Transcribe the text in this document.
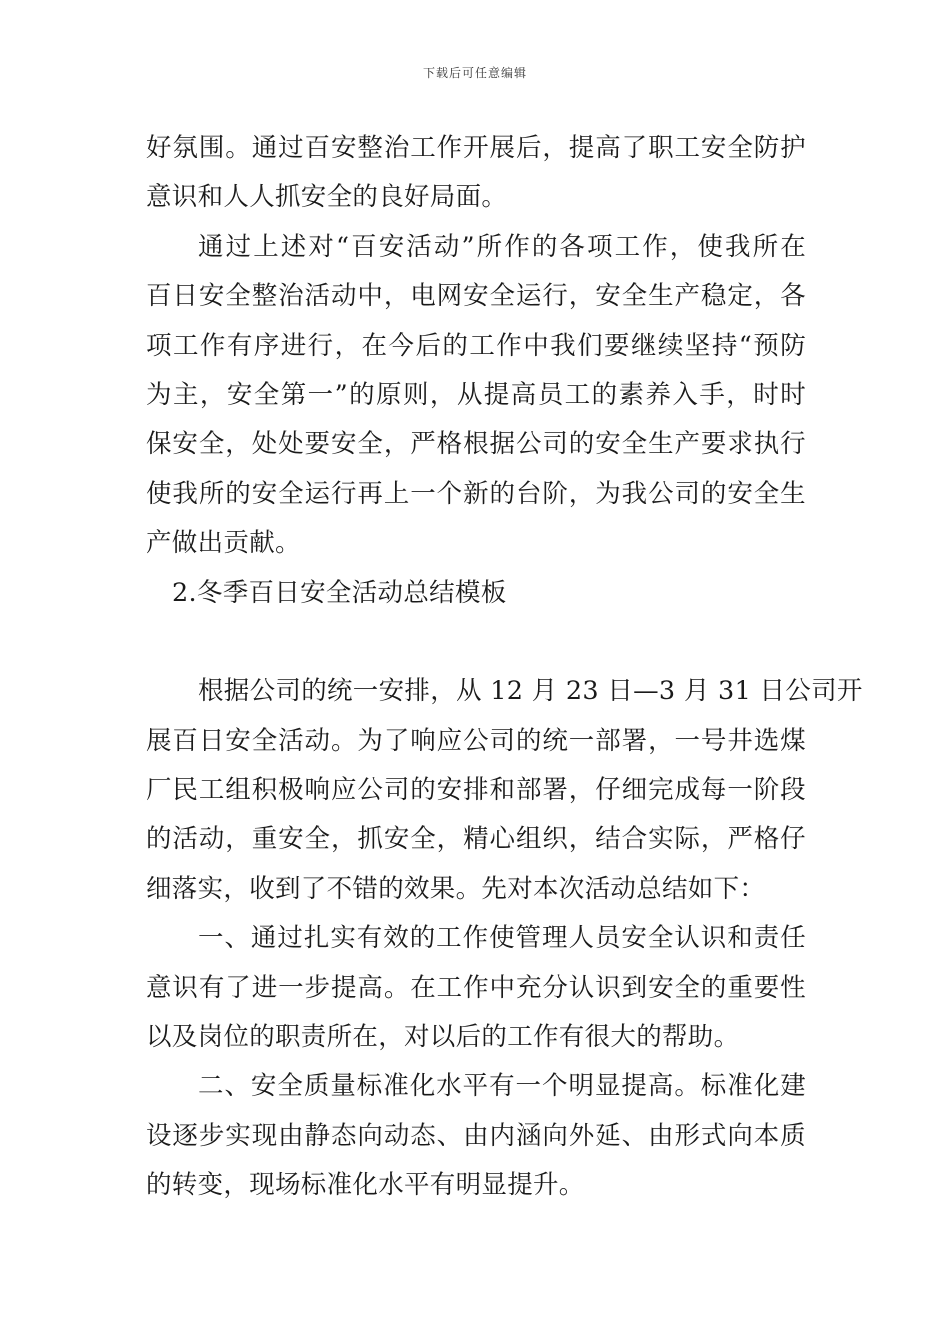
下载后可任意编辑
好氛围。通过百安整治工作开展后，提高了职工安全防护
意识和人人抓安全的良好局面。
通过上述对“百安活动”所作的各项工作，使我所在
百日安全整治活动中，电网安全运行，安全生产稳定，各
项工作有序进行，在今后的工作中我们要继续坚持“预防
为主，安全第一”的原则，从提高员工的素养入手，时时
保安全，处处要安全，严格根据公司的安全生产要求执行
使我所的安全运行再上一个新的台阶，为我公司的安全生
产做出贡献。
2.冬季百日安全活动总结模板
根据公司的统一安排，从 12 月 23 日—3 月 31 日公司开
展百日安全活动。为了响应公司的统一部署，一号井选煤
厂民工组积极响应公司的安排和部署，仔细完成每一阶段
的活动，重安全，抓安全，精心组织，结合实际，严格仔
细落实，收到了不错的效果。先对本次活动总结如下：
一、通过扎实有效的工作使管理人员安全认识和责任
意识有了进一步提高。在工作中充分认识到安全的重要性
以及岗位的职责所在，对以后的工作有很大的帮助。
二、安全质量标准化水平有一个明显提高。标准化建
设逐步实现由静态向动态、由内涵向外延、由形式向本质
的转变，现场标准化水平有明显提升。
